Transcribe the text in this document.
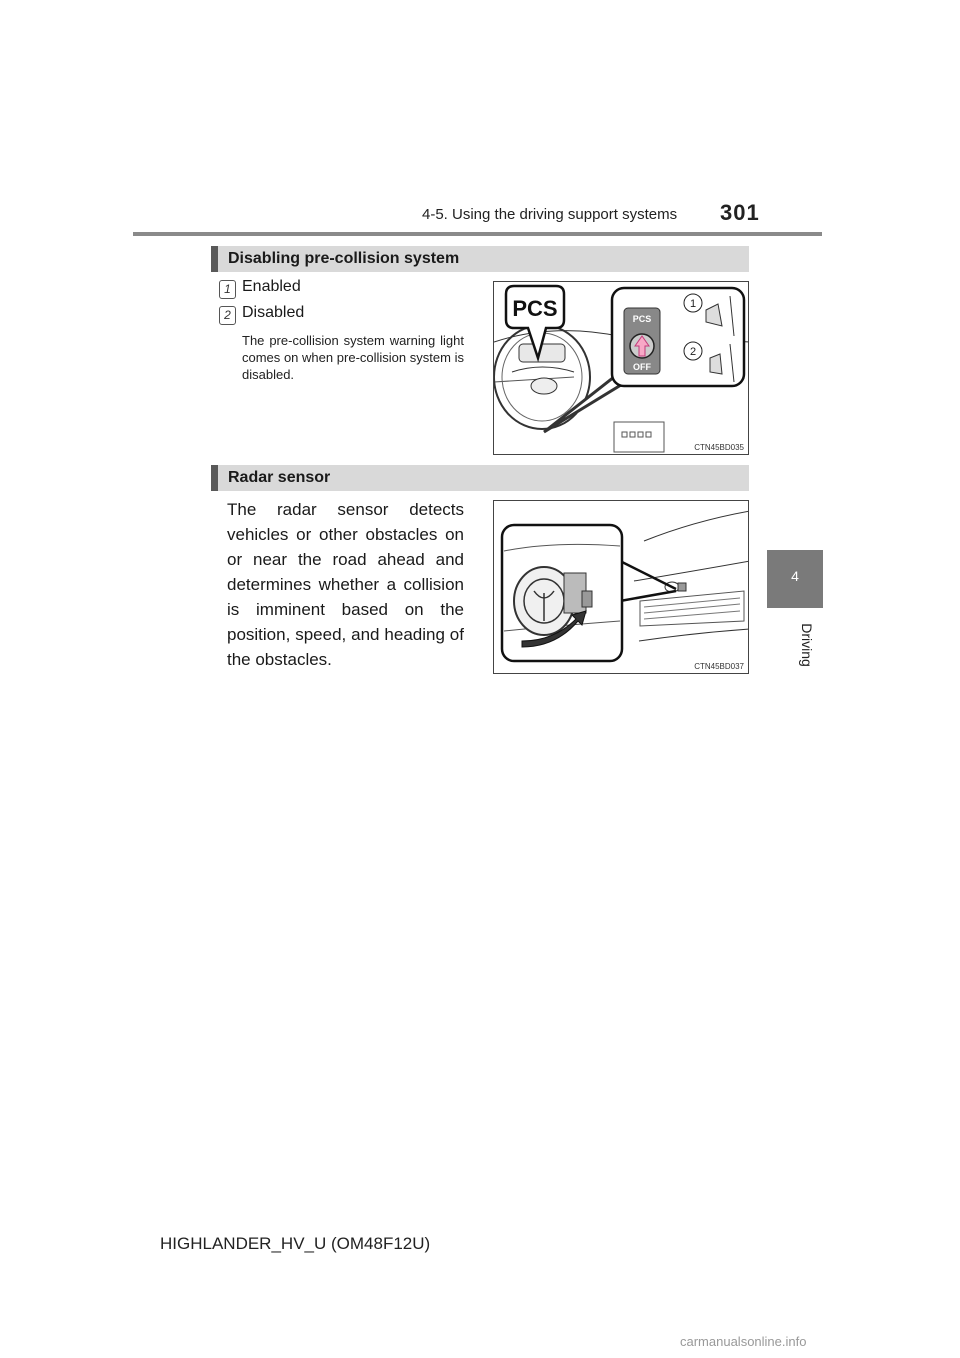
4-5. Using the driving support systems 301
4
Driving
Disabling pre-collision system
1 Enabled
2 Disabled
The pre-collision system warning light comes on when pre-collision system is disabled.
PCS	PCS
OFF
1
2
CTN45BD035
Radar sensor
The radar sensor detects vehicles or other obstacles on or near the road ahead and determines whether a collision is imminent based on the position, speed, and heading of the obstacles.	CTN45BD037
HIGHLANDER_HV_U (OM48F12U)
carmanualsonline.info
